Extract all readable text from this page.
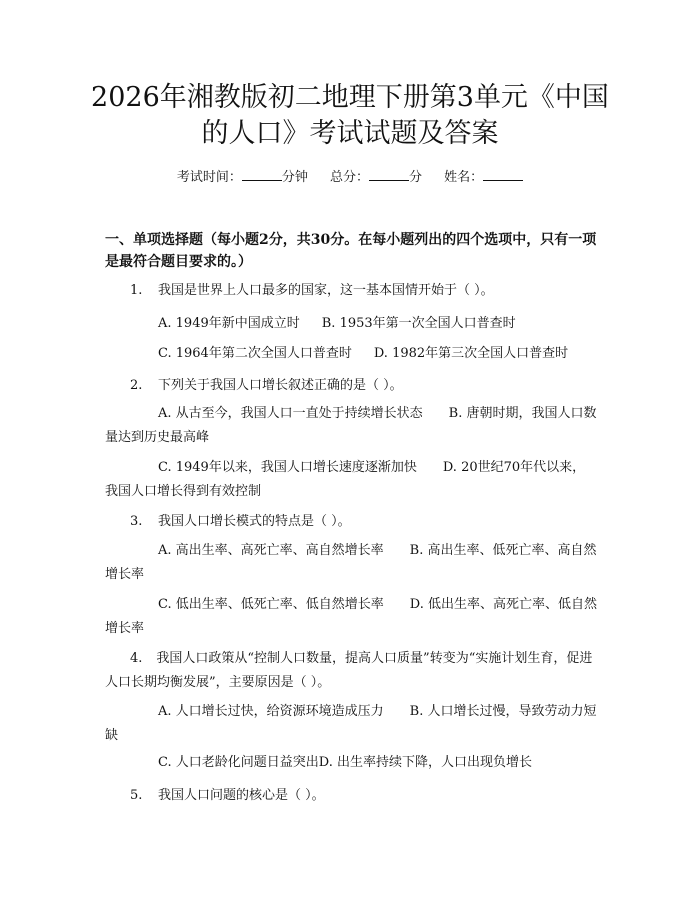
2026年湘教版初二地理下册第3单元《中国的人口》考试试题及答案
考试时间：	分钟 总分：	分 姓名：

一、单项选择题（每小题2分，共30分。在每小题列出的四个选项中，只有一项是最符合题目要求的。）

1. 我国是世界上人口最多的国家，这一基本国情开始于（ ）。
A. 1949年新中国成立时 B. 1953年第一次全国人口普查时
C. 1964年第二次全国人口普查时 D. 1982年第三次全国人口普查时
2. 下列关于我国人口增长叙述正确的是（ ）。

A. 从古至今，我国人口一直处于持续增长状态 B. 唐朝时期，我国人口数量达到历史最高峰

C. 1949年以来，我国人口增长速度逐渐加快 D. 20世纪70年代以来，我国人口增长得到有效控制

3. 我国人口增长模式的特点是（ ）。

A. 高出生率、高死亡率、高自然增长率 B. 高出生率、低死亡率、高自然增长率

C. 低出生率、低死亡率、低自然增长率 D. 低出生率、高死亡率、低自然增长率

4. 我国人口政策从“控制人口数量，提高人口质量”转变为“实施计划生育，促进人口长期均衡发展”，主要原因是（ ）。

A. 人口增长过快，给资源环境造成压力 B. 人口增长过慢，导致劳动力短缺

C. 人口老龄化问题日益突出D. 出生率持续下降，人口出现负增长
5. 我国人口问题的核心是（ ）。
